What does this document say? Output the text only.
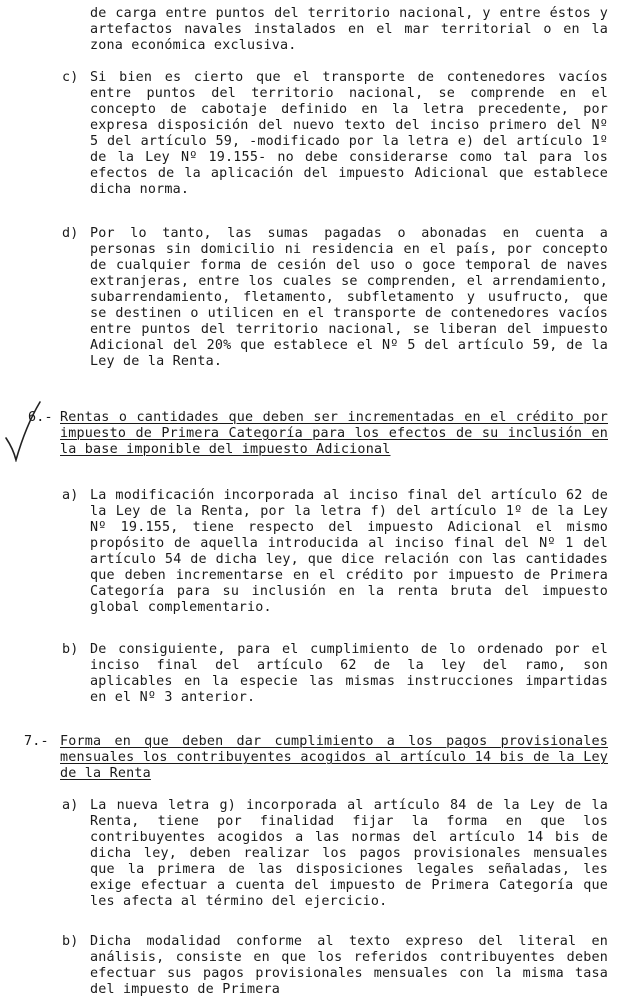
de carga entre puntos del territorio nacional, y entre éstos y artefactos navales instalados en el mar territorial o en la zona económica exclusiva.

c) Si bien es cierto que el transporte de contenedores vacíos entre puntos del territorio nacional, se comprende en el concepto de cabotaje definido en la letra precedente, por expresa disposición del nuevo texto del inciso primero del Nº 5 del artículo 59, -modificado por la letra e) del artículo 1º de la Ley Nº 19.155- no debe considerarse como tal para los efectos de la aplicación del impuesto Adicional que establece dicha norma.

d) Por lo tanto, las sumas pagadas o abonadas en cuenta a personas sin domicilio ni residencia en el país, por concepto de cualquier forma de cesión del uso o goce temporal de naves extranjeras, entre los cuales se comprenden, el arrendamiento, subarrendamiento, fletamento, subfletamento y usufructo, que se destinen o utilicen en el transporte de contenedores vacíos entre puntos del territorio nacional, se liberan del impuesto Adicional del 20% que establece el Nº 5 del artículo 59, de la Ley de la Renta.

6.- Rentas o cantidades que deben ser incrementadas en el crédito por impuesto de Primera Categoría para los efectos de su inclusión en la base imponible del impuesto Adicional

a) La modificación incorporada al inciso final del artículo 62 de la Ley de la Renta, por la letra f) del artículo 1º de la Ley Nº 19.155, tiene respecto del impuesto Adicional el mismo propósito de aquella introducida al inciso final del Nº 1 del artículo 54 de dicha ley, que dice relación con las cantidades que deben incrementarse en el crédito por impuesto de Primera Categoría para su inclusión en la renta bruta del impuesto global complementario.

b) De consiguiente, para el cumplimiento de lo ordenado por el inciso final del artículo 62 de la ley del ramo, son aplicables en la especie las mismas instrucciones impartidas en el Nº 3 anterior.

7.- Forma en que deben dar cumplimiento a los pagos provisionales mensuales los contribuyentes acogidos al artículo 14 bis de la Ley de la Renta

a) La nueva letra g) incorporada al artículo 84 de la Ley de la Renta, tiene por finalidad fijar la forma en que los contribuyentes acogidos a las normas del artículo 14 bis de dicha ley, deben realizar los pagos provisionales mensuales que la primera de las disposiciones legales señaladas, les exige efectuar a cuenta del impuesto de Primera Categoría que les afecta al término del ejercicio.

b) Dicha modalidad conforme al texto expreso del literal en análisis, consiste en que los referidos contribuyentes deben efectuar sus pagos provisionales mensuales con la misma tasa del impuesto de Primera
